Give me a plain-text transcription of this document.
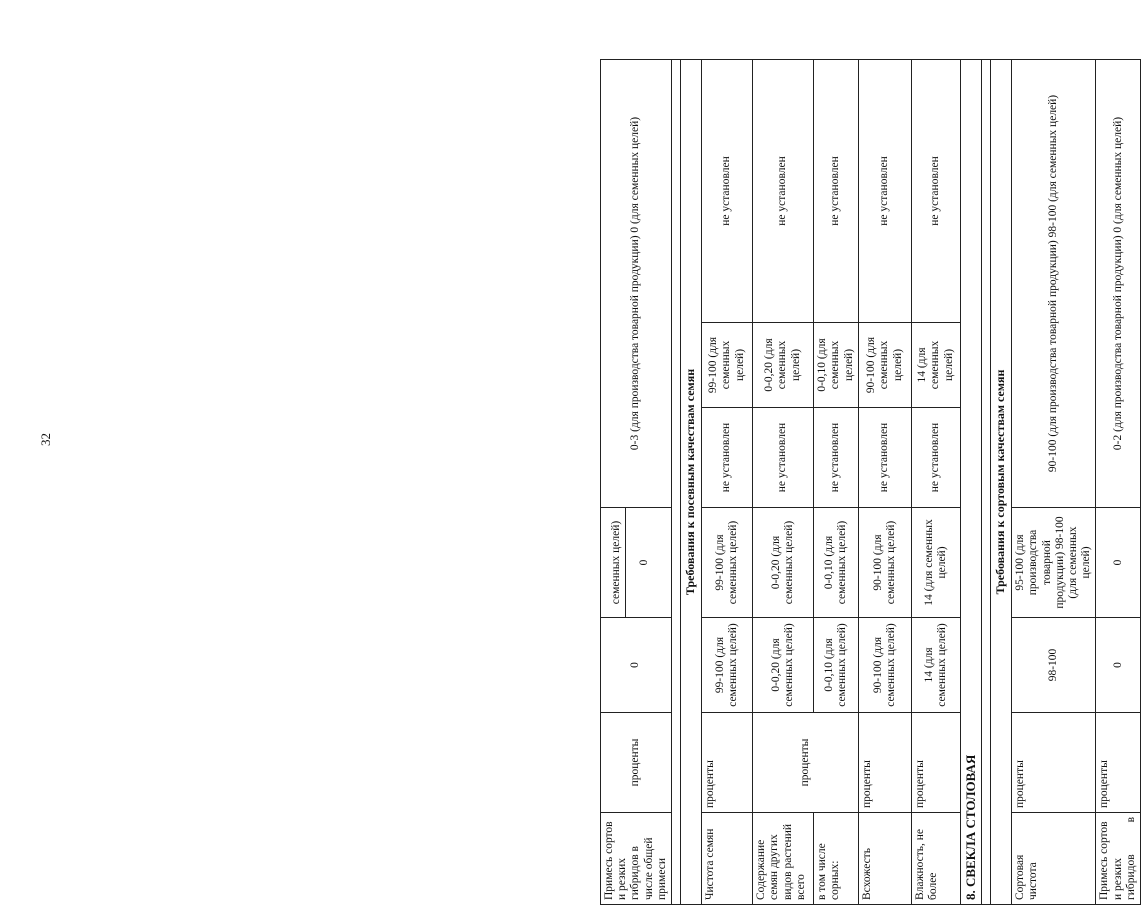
32
Примесь сортов и резких гибридов в числе общей примеси	проценты	0	семенных целей) 0	0-3 (для производства товарной продукции) 0 (для семенных целей)		

Требования к посевным качествам семян						
Чистота семян	проценты	99-100 (для семенных целей)	99-100 (для семенных целей)	не установлен	99-100 (для семенных целей)	не установлен
Содержание семян других видов растений всего	проценты	0-0,20 (для семенных целей)	0-0,20 (для семенных целей)	не установлен	0-0,20 (для семенных целей)	не установлен
в том числе сорных:		0-0,10 (для семенных целей)	0-0,10 (для семенных целей)	не установлен	0-0,10 (для семенных целей)	не установлен
Всхожесть	проценты	90-100 (для семенных целей)	90-100 (для семенных целей)	не установлен	90-100 (для семенных целей)	не установлен
Влажность, не более	проценты	14 (для семенных целей)	14 (для семенных целей)	не установлен	14 (для семенных целей)	не установлен
8. СВЕКЛА СТОЛОВАЯ						

Требования к сортовым качествам семян						
Сортовая чистота	проценты	98-100	95-100 (для производства товарной продукции) 98-100 (для семенных целей)	90-100 (для производства товарной продукции) 98-100 (для семенных целей)		
Примесь сортов и резких гибридов в	проценты	0	0	0-2 (для производства товарной продукции) 0 (для семенных целей)		
